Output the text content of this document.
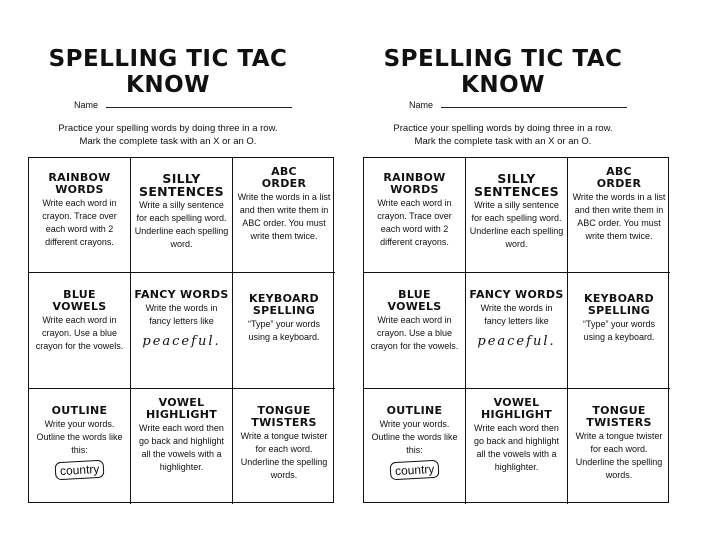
SPELLING TIC TAC KNOW
Name
Practice your spelling words by doing three in a row.
Mark the complete task with an X or an O.
RAINBOW
WORDS
Write each word in crayon. Trace over each word with 2 different crayons.
SILLY
SENTENCES
Write a silly sentence for each spelling word. Underline each spelling word.
ABC
ORDER
Write the words in a list and then write them in ABC order. You must write them twice.
BLUE
VOWELS
Write each word in crayon. Use a blue crayon for the vowels.
FANCY WORDS
Write the words in fancy letters like
peaceful.
KEYBOARD
SPELLING
“Type” your words using a keyboard.
OUTLINE
Write your words. Outline the words like this:
country
VOWEL
HIGHLIGHT
Write each word then go back and highlight all the vowels with a highlighter.
TONGUE
TWISTERS
Write a tongue twister for each word. Underline the spelling words.
SPELLING TIC TAC KNOW
Name
Practice your spelling words by doing three in a row.
Mark the complete task with an X or an O.
RAINBOW
WORDS
Write each word in crayon. Trace over each word with 2 different crayons.
SILLY
SENTENCES
Write a silly sentence for each spelling word. Underline each spelling word.
ABC
ORDER
Write the words in a list and then write them in ABC order. You must write them twice.
BLUE
VOWELS
Write each word in crayon. Use a blue crayon for the vowels.
FANCY WORDS
Write the words in fancy letters like
peaceful.
KEYBOARD
SPELLING
“Type” your words using a keyboard.
OUTLINE
Write your words. Outline the words like this:
country
VOWEL
HIGHLIGHT
Write each word then go back and highlight all the vowels with a highlighter.
TONGUE
TWISTERS
Write a tongue twister for each word. Underline the spelling words.
